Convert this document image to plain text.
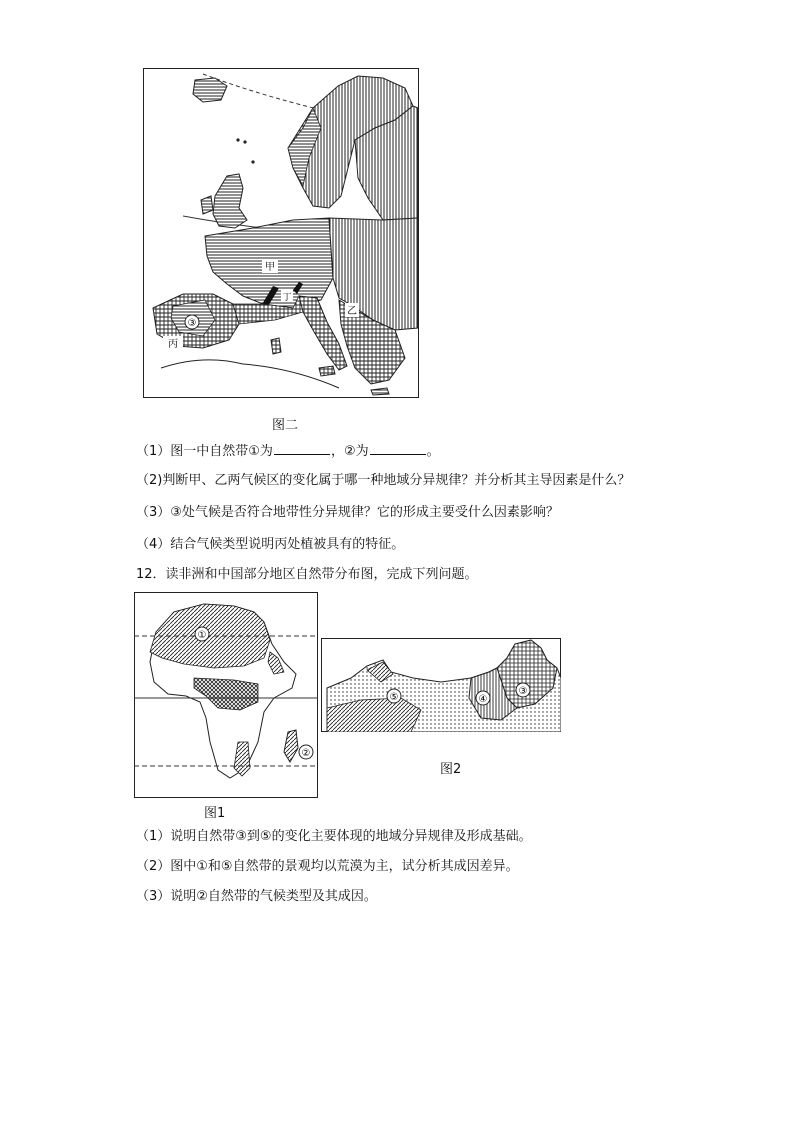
甲
乙
丙
丁
③
图二
（1）图一中自然带①为	，②为	。
（2)判断甲、乙两气候区的变化属于哪一种地域分异规律？并分析其主导因素是什么？
（3）③处气候是否符合地带性分异规律？它的形成主要受什么因素影响？
（4）结合气候类型说明丙处植被具有的特征。
12．读非洲和中国部分地区自然带分布图，完成下列问题。
①
②
图1
⑤	④
③
图2
（1）说明自然带③到⑤的变化主要体现的地域分异规律及形成基础。
（2）图中①和⑤自然带的景观均以荒漠为主，试分析其成因差异。
（3）说明②自然带的气候类型及其成因。
